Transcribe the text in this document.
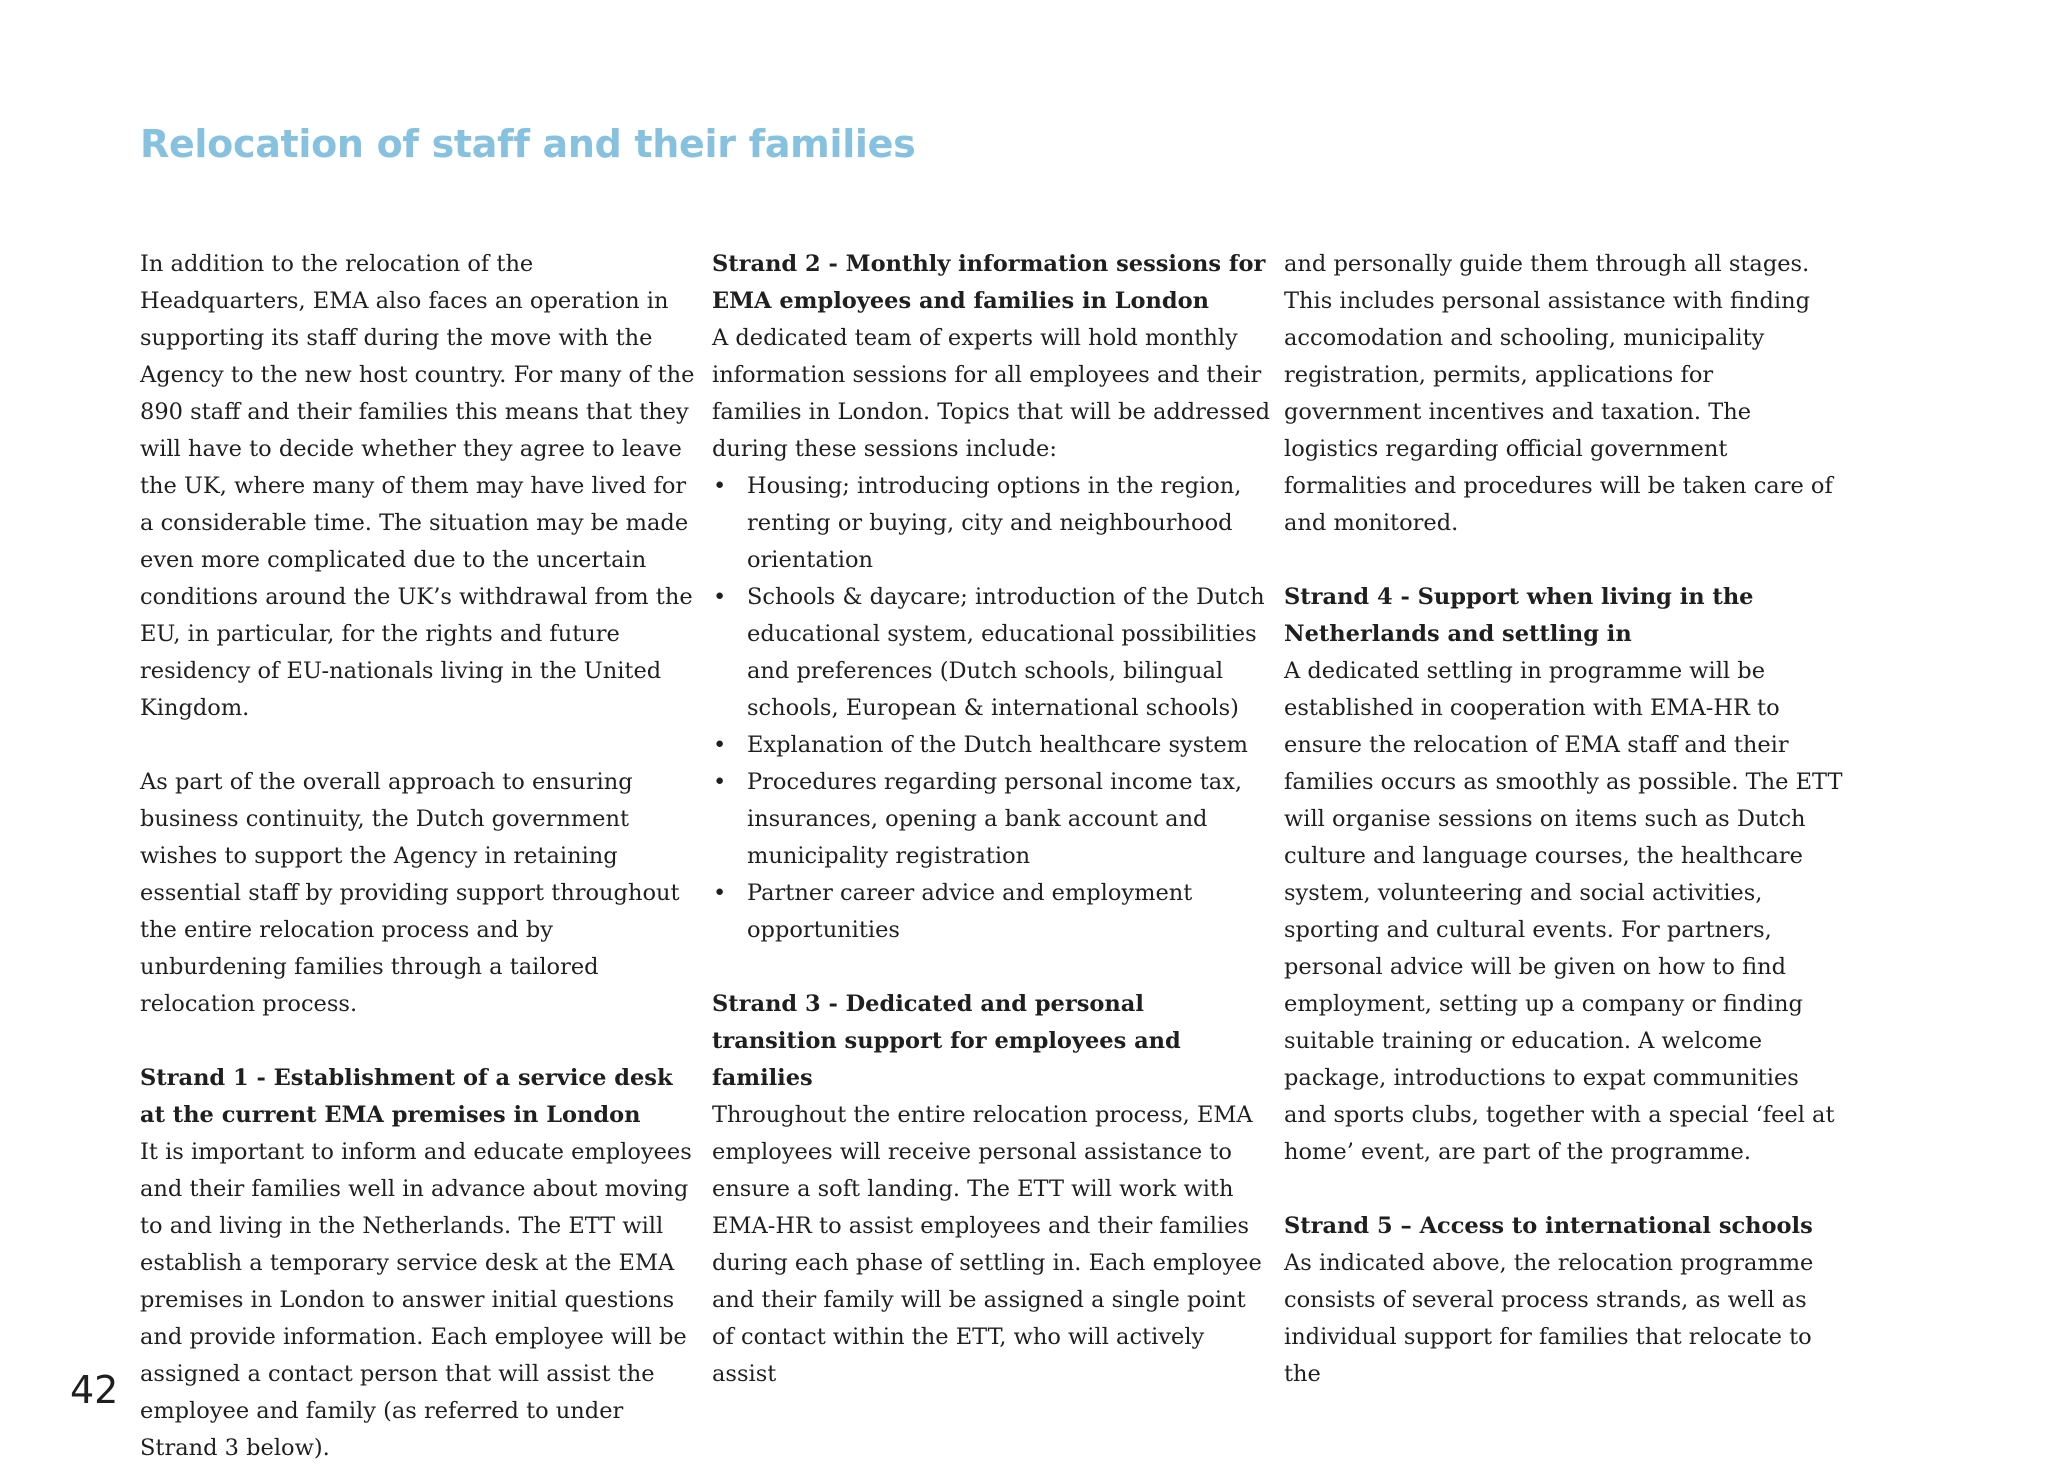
Relocation of staff and their families

In addition to the relocation of the Headquarters, EMA also faces an operation in supporting its staff during the move with the Agency to the new host country. For many of the 890 staff and their families this means that they will have to decide whether they agree to leave the UK, where many of them may have lived for a considerable time. The situation may be made even more complicated due to the uncertain conditions around the UK’s withdrawal from the EU, in particular, for the rights and future residency of EU-nationals living in the United Kingdom.

As part of the overall approach to ensuring business continuity, the Dutch government wishes to support the Agency in retaining essential staff by providing support throughout the entire relocation process and by unburdening families through a tailored relocation process.

Strand 1 - Establishment of a service desk at the current EMA premises in London

It is important to inform and educate employees and their families well in advance about moving to and living in the Netherlands. The ETT will establish a temporary service desk at the EMA premises in London to answer initial questions and provide information. Each employee will be assigned a contact person that will assist the employee and family (as referred to under Strand 3 below).

Strand 2 - Monthly information sessions for EMA employees and families in London

A dedicated team of experts will hold monthly information sessions for all employees and their families in London. Topics that will be addressed during these sessions include:

• Housing; introducing options in the region, renting or buying, city and neighbourhood orientation
• Schools & daycare; introduction of the Dutch educational system, educational possibilities and preferences (Dutch schools, bilingual schools, European & international schools)
• Explanation of the Dutch healthcare system
• Procedures regarding personal income tax, insurances, opening a bank account and municipality registration
• Partner career advice and employment opportunities

Strand 3 - Dedicated and personal transition support for employees and families

Throughout the entire relocation process, EMA employees will receive personal assistance to ensure a soft landing. The ETT will work with EMA-HR to assist employees and their families during each phase of settling in. Each employee and their family will be assigned a single point of contact within the ETT, who will actively assist

and personally guide them through all stages. This includes personal assistance with finding accomodation and schooling, municipality registration, permits, applications for government incentives and taxation. The logistics regarding official government formalities and procedures will be taken care of and monitored.

Strand 4 - Support when living in the Netherlands and settling in

A dedicated settling in programme will be established in cooperation with EMA-HR to ensure the relocation of EMA staff and their families occurs as smoothly as possible. The ETT will organise sessions on items such as Dutch culture and language courses, the healthcare system, volunteering and social activities, sporting and cultural events. For partners, personal advice will be given on how to find employment, setting up a company or finding suitable training or education. A welcome package, introductions to expat communities and sports clubs, together with a special ‘feel at home’ event, are part of the programme.

Strand 5 – Access to international schools

As indicated above, the relocation programme consists of several process strands, as well as individual support for families that relocate to the

42
